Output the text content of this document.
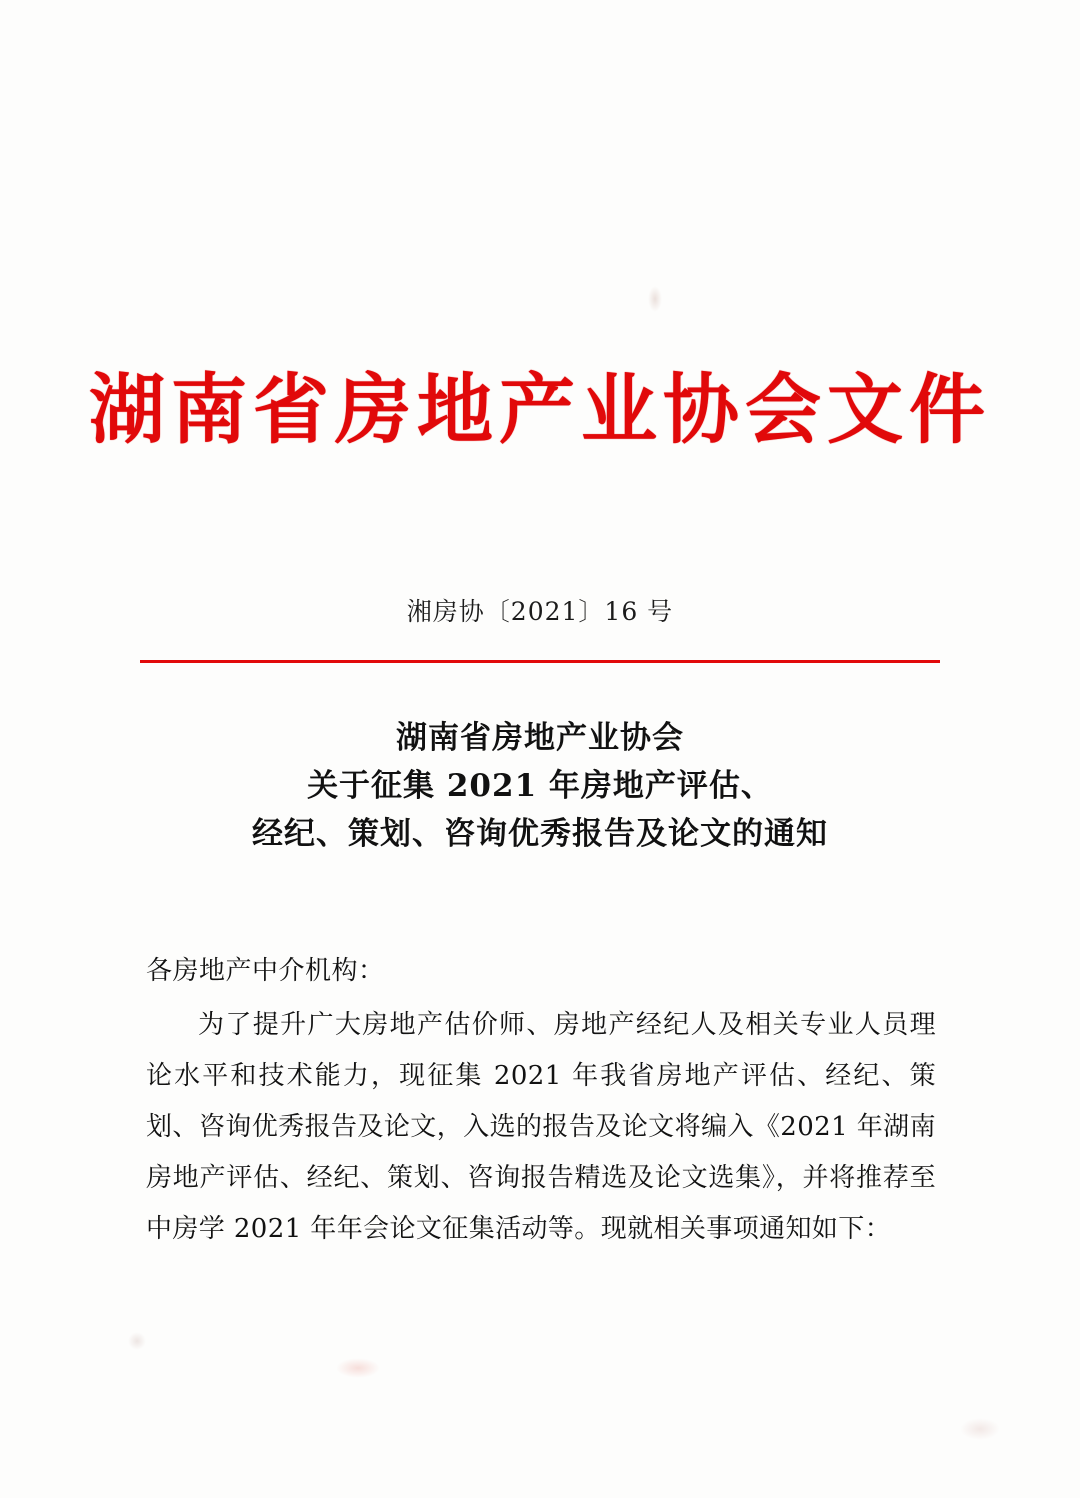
湖南省房地产业协会文件
湘房协〔2021〕16 号
湖南省房地产业协会
关于征集 2021 年房地产评估、
经纪、策划、咨询优秀报告及论文的通知
各房地产中介机构：
为了提升广大房地产估价师、房地产经纪人及相关专业人员理论水平和技术能力，现征集 2021 年我省房地产评估、经纪、策划、咨询优秀报告及论文，入选的报告及论文将编入《2021 年湖南房地产评估、经纪、策划、咨询报告精选及论文选集》，并将推荐至中房学 2021 年年会论文征集活动等。现就相关事项通知如下：
